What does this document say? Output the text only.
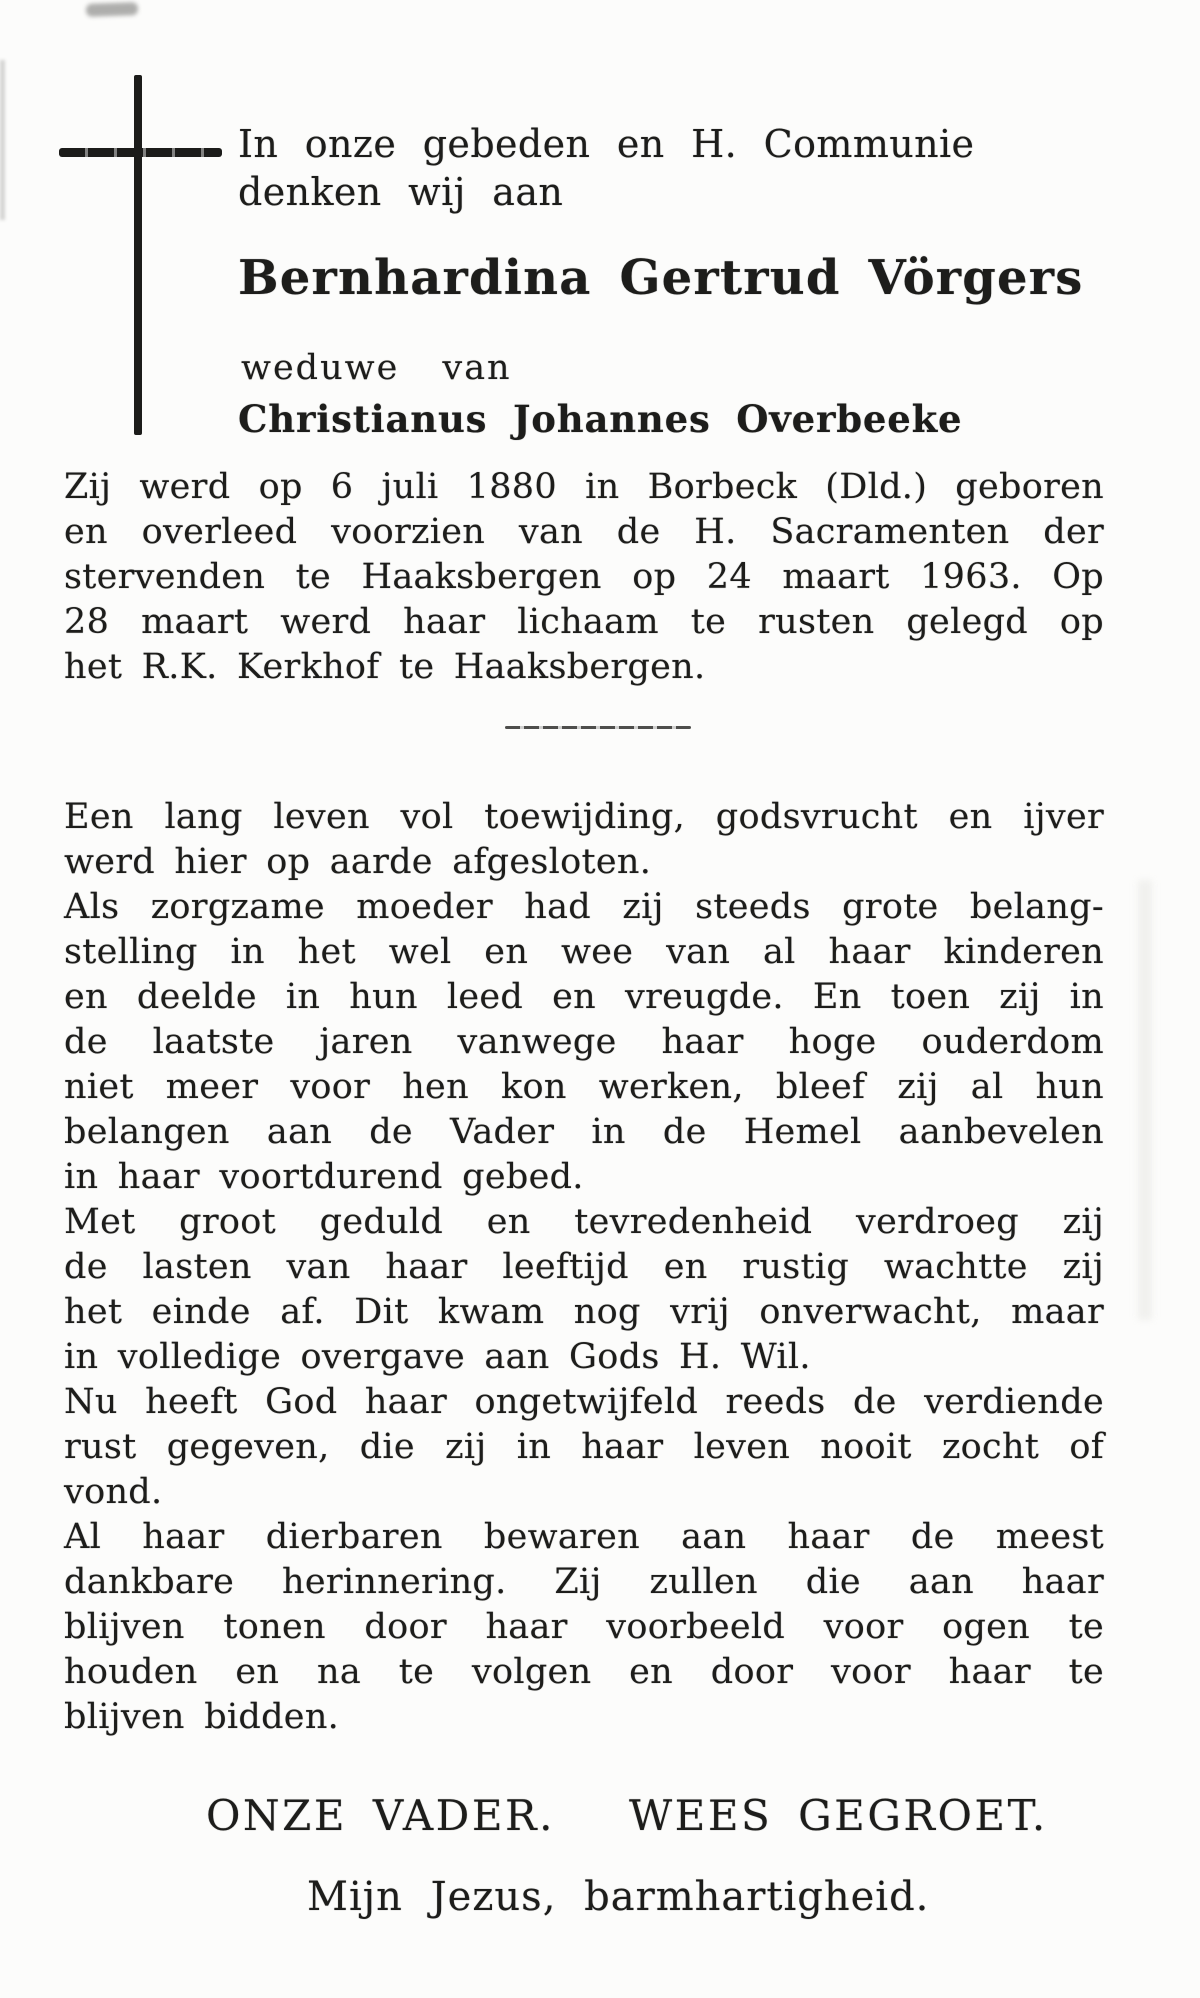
In onze gebeden en H. Communie
denken wij aan
Bernhardina Gertrud Vörgers
weduwe van
Christianus Johannes Overbeeke
Zij werd op 6 juli 1880 in Borbeck (Dld.) geboren
en overleed voorzien van de H. Sacramenten der
stervenden te Haaksbergen op 24 maart 1963. Op
28 maart werd haar lichaam te rusten gelegd op
het R.K. Kerkhof te Haaksbergen.
Een lang leven vol toewijding, godsvrucht en ijver
werd hier op aarde afgesloten.
Als zorgzame moeder had zij steeds grote belang-
stelling in het wel en wee van al haar kinderen
en deelde in hun leed en vreugde. En toen zij in
de laatste jaren vanwege haar hoge ouderdom
niet meer voor hen kon werken, bleef zij al hun
belangen aan de Vader in de Hemel aanbevelen
in haar voortdurend gebed.
Met groot geduld en tevredenheid verdroeg zij
de lasten van haar leeftijd en rustig wachtte zij
het einde af. Dit kwam nog vrij onverwacht, maar
in volledige overgave aan Gods H. Wil.
Nu heeft God haar ongetwijfeld reeds de verdiende
rust gegeven, die zij in haar leven nooit zocht of
vond.
Al haar dierbaren bewaren aan haar de meest
dankbare herinnering. Zij zullen die aan haar
blijven tonen door haar voorbeeld voor ogen te
houden en na te volgen en door voor haar te
blijven bidden.
ONZE VADER. WEES GEGROET.
Mijn Jezus, barmhartigheid.
